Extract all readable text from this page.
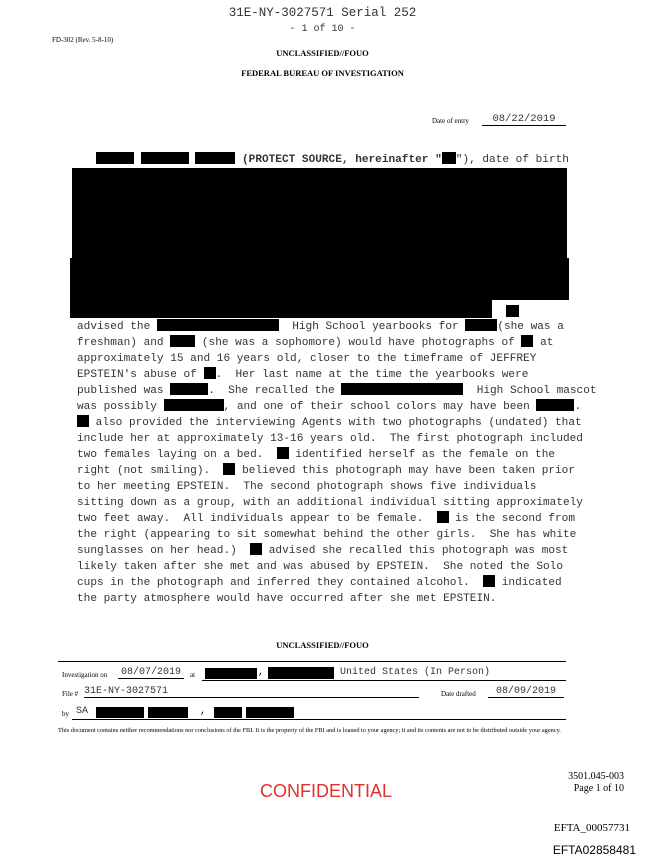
31E-NY-3027571 Serial 252
- 1 of 10 -
FD-302 (Rev. 5-8-10)
UNCLASSIFIED//FOUO
FEDERAL BUREAU OF INVESTIGATION
Date of entry	08/22/2019
(PROTECT SOURCE, hereinafter " "), date of birth
advised the	High School yearbooks for	(she was a
freshman) and	(she was a sophomore) would have photographs of  at
approximately 15 and 16 years old, closer to the timeframe of JEFFREY
EPSTEIN's abuse of .  Her last name at the time the yearbooks were
published was	.  She recalled the	High School mascot
was possibly	, and one of their school colors may have been	.
also provided the interviewing Agents with two photographs (undated) that
include her at approximately 13-16 years old.  The first photograph included
two females laying on a bed.   identified herself as the female on the
right (not smiling).   believed this photograph may have been taken prior
to her meeting EPSTEIN.  The second photograph shows five individuals
sitting down as a group, with an additional individual sitting approximately
two feet away.  All individuals appear to be female.   is the second from
the right (appearing to sit somewhat behind the other girls.  She has white
sunglasses on her head.)   advised she recalled this photograph was most
likely taken after she met and was abused by EPSTEIN.  She noted the Solo
cups in the photograph and inferred they contained alcohol.   indicated
the party atmosphere would have occurred after she met EPSTEIN.
UNCLASSIFIED//FOUO
Investigation on 08/07/2019	at	,	United States (In Person)
File # 31E-NY-3027571	Date drafted	08/09/2019
by SA	,
This document contains neither recommendations nor conclusions of the FBI. It is the property of the FBI and is loaned to your agency; it and its contents are not to be distributed outside your agency.
CONFIDENTIAL
3501.045-003
Page 1 of 10
EFTA_00057731
EFTA02858481
